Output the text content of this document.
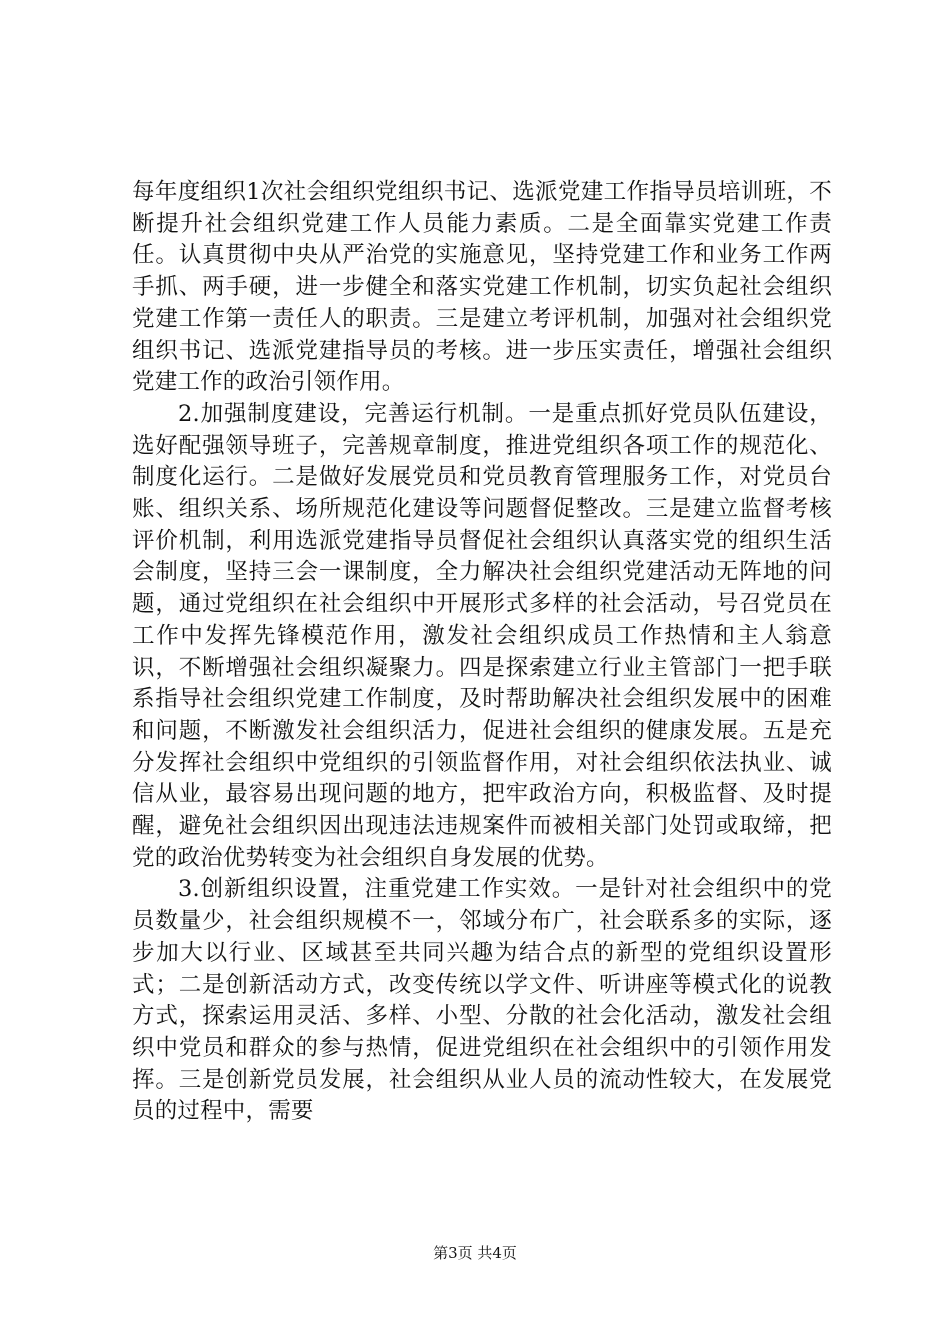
每年度组织1次社会组织党组织书记、选派党建工作指导员培训班，不断提升社会组织党建工作人员能力素质。二是全面靠实党建工作责任。认真贯彻中央从严治党的实施意见，坚持党建工作和业务工作两手抓、两手硬，进一步健全和落实党建工作机制，切实负起社会组织党建工作第一责任人的职责。三是建立考评机制，加强对社会组织党组织书记、选派党建指导员的考核。进一步压实责任，增强社会组织党建工作的政治引领作用。

2.加强制度建设，完善运行机制。一是重点抓好党员队伍建设，选好配强领导班子，完善规章制度，推进党组织各项工作的规范化、制度化运行。二是做好发展党员和党员教育管理服务工作，对党员台账、组织关系、场所规范化建设等问题督促整改。三是建立监督考核评价机制，利用选派党建指导员督促社会组织认真落实党的组织生活会制度，坚持三会一课制度，全力解决社会组织党建活动无阵地的问题，通过党组织在社会组织中开展形式多样的社会活动，号召党员在工作中发挥先锋模范作用，激发社会组织成员工作热情和主人翁意识，不断增强社会组织凝聚力。四是探索建立行业主管部门一把手联系指导社会组织党建工作制度，及时帮助解决社会组织发展中的困难和问题，不断激发社会组织活力，促进社会组织的健康发展。五是充分发挥社会组织中党组织的引领监督作用，对社会组织依法执业、诚信从业，最容易出现问题的地方，把牢政治方向，积极监督、及时提醒，避免社会组织因出现违法违规案件而被相关部门处罚或取缔，把党的政治优势转变为社会组织自身发展的优势。

3.创新组织设置，注重党建工作实效。一是针对社会组织中的党员数量少，社会组织规模不一，邻域分布广，社会联系多的实际，逐步加大以行业、区域甚至共同兴趣为结合点的新型的党组织设置形式；二是创新活动方式，改变传统以学文件、听讲座等模式化的说教方式，探索运用灵活、多样、小型、分散的社会化活动，激发社会组织中党员和群众的参与热情，促进党组织在社会组织中的引领作用发挥。三是创新党员发展，社会组织从业人员的流动性较大，在发展党员的过程中，需要

第3页 共4页
